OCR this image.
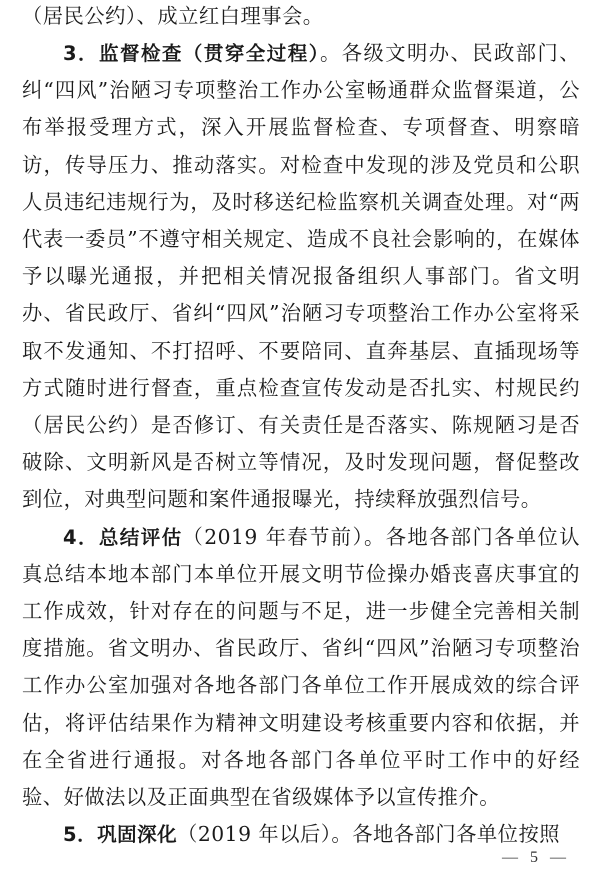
（居民公约）、成立红白理事会。

3．监督检查（贯穿全过程）。各级文明办、民政部门、纠“四风”治陋习专项整治工作办公室畅通群众监督渠道，公布举报受理方式，深入开展监督检查、专项督查、明察暗访，传导压力、推动落实。对检查中发现的涉及党员和公职人员违纪违规行为，及时移送纪检监察机关调查处理。对“两代表一委员”不遵守相关规定、造成不良社会影响的，在媒体予以曝光通报，并把相关情况报备组织人事部门。省文明办、省民政厅、省纠“四风”治陋习专项整治工作办公室将采取不发通知、不打招呼、不要陪同、直奔基层、直插现场等方式随时进行督查，重点检查宣传发动是否扎实、村规民约（居民公约）是否修订、有关责任是否落实、陈规陋习是否破除、文明新风是否树立等情况，及时发现问题，督促整改到位，对典型问题和案件通报曝光，持续释放强烈信号。

4．总结评估（2019 年春节前）。各地各部门各单位认真总结本地本部门本单位开展文明节俭操办婚丧喜庆事宜的工作成效，针对存在的问题与不足，进一步健全完善相关制度措施。省文明办、省民政厅、省纠“四风”治陋习专项整治工作办公室加强对各地各部门各单位工作开展成效的综合评估，将评估结果作为精神文明建设考核重要内容和依据，并在全省进行通报。对各地各部门各单位平时工作中的好经验、好做法以及正面典型在省级媒体予以宣传推介。

5．巩固深化（2019 年以后）。各地各部门各单位按照

— 5 —
